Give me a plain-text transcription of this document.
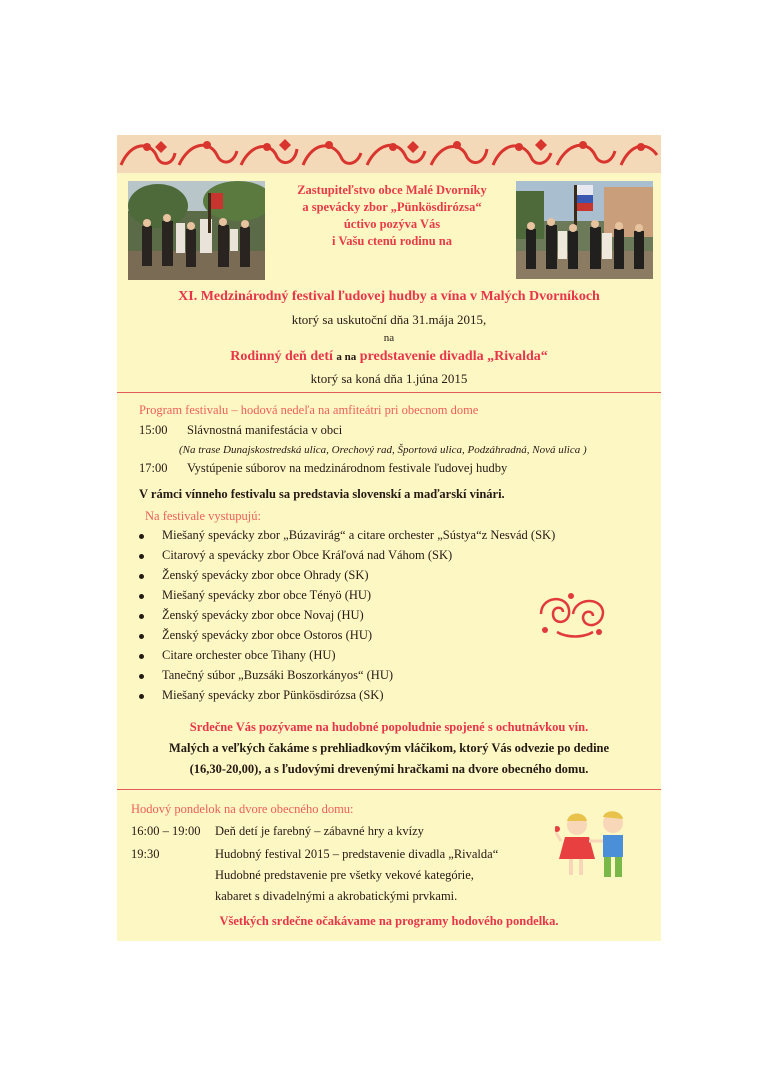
Zastupiteľstvo obce Malé Dvorníky
a spevácky zbor „Pünkösdirózsa“
úctivo pozýva Vás
i Vašu ctenú rodinu na
XI. Medzinárodný festival ľudovej hudby a vína v Malých Dvorníkoch
ktorý sa uskutoční dňa 31.mája 2015,
na
Rodinný deň detí a na predstavenie divadla „Rivalda“
ktorý sa koná dňa 1.júna 2015
Program festivalu – hodová nedeľa na amfiteátri pri obecnom dome
15:00 Slávnostná manifestácia v obci
(Na trase Dunajskostredská ulica, Orechový rad, Športová ulica, Podzáhradná, Nová ulica )
17:00 Vystúpenie súborov na medzinárodnom festivale ľudovej hudby
V rámci vínneho festivalu sa predstavia slovenskí a maďarskí vinári.
Na festivale vystupujú:
Miešaný spevácky zbor „Búzavirág“ a citare orchester „Sústya“z Nesvád (SK)
Citarový a spevácky zbor Obce Kráľová nad Váhom (SK)
Ženský spevácky zbor obce Ohrady (SK)
Miešaný spevácky zbor obce Tényö (HU)
Ženský spevácky zbor obce Novaj (HU)
Ženský spevácky zbor obce Ostoros (HU)
Citare orchester obce Tihany (HU)
Tanečný súbor „Buzsáki Boszorkányos“ (HU)
Miešaný spevácky zbor Pünkösdirózsa (SK)
Srdečne Vás pozývame na hudobné popoludnie spojené s ochutnávkou vín.
Malých a veľkých čakáme s prehliadkovým vláčikom, ktorý Vás odvezie po dedine
(16,30-20,00), a s ľudovými drevenými hračkami na dvore obecného domu.
Hodový pondelok na dvore obecného domu:
16:00 – 19:00 Deň detí je farebný – zábavné hry a kvízy
19:30	Hudobný festival 2015 – predstavenie divadla „Rivalda“
Hudobné predstavenie pre všetky vekové kategórie,
kabaret s divadelnými a akrobatickými prvkami.
Všetkých srdečne očakávame na programy hodového pondelka.
